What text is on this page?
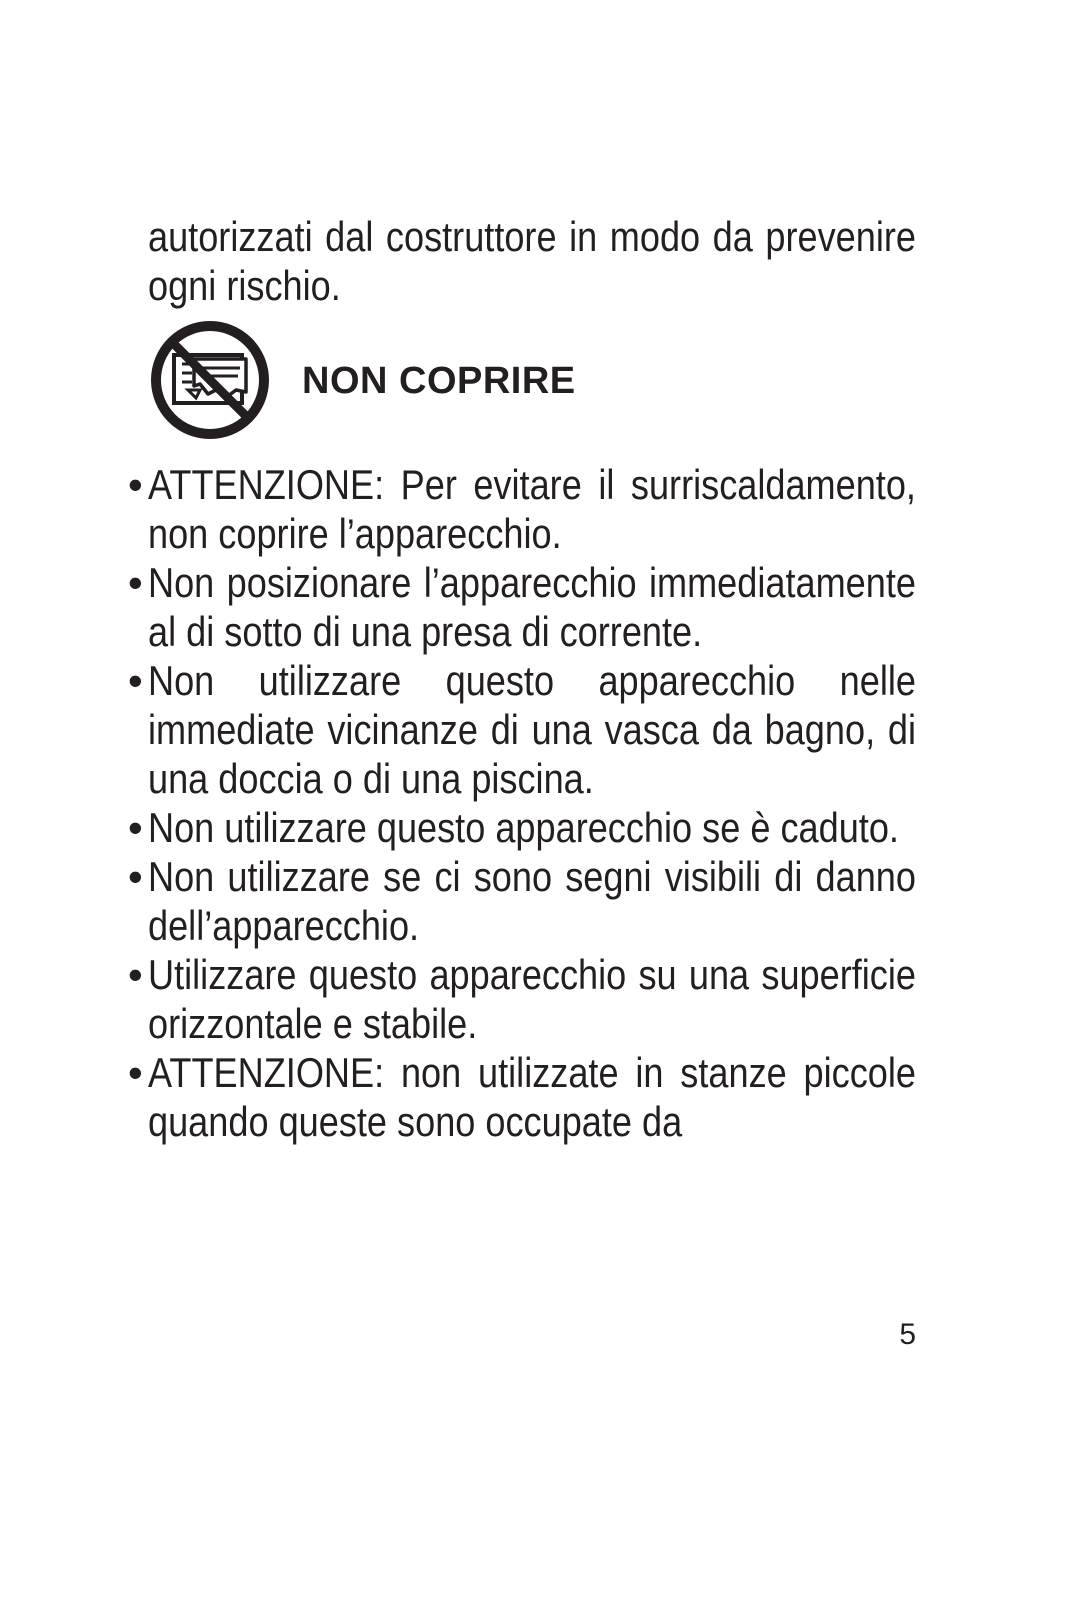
autorizzati dal costruttore in modo da prevenire ogni rischio.
NON COPRIRE
• ATTENZIONE: Per evitare il surriscaldamento, non coprire l’apparecchio.
• Non posizionare l’apparecchio immediatamente al di sotto di una presa di corrente.
• Non utilizzare questo apparecchio nelle immediate vicinanze di una vasca da bagno, di una doccia o di una piscina.
• Non utilizzare questo apparecchio se è caduto.
• Non utilizzare se ci sono segni visibili di danno dell’apparecchio.
• Utilizzare questo apparecchio su una superficie orizzontale e stabile.
• ATTENZIONE: non utilizzate in stanze piccole quando queste sono occupate da
5
